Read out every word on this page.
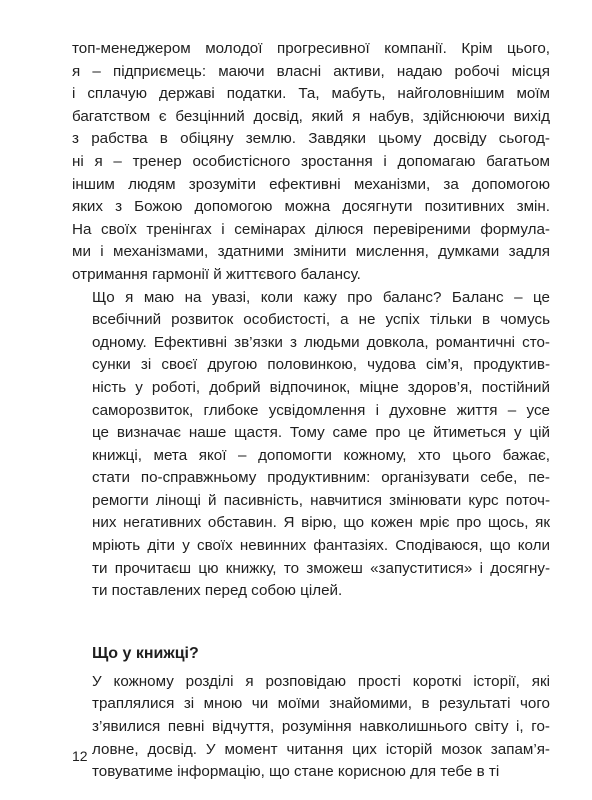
топ-менеджером молодої прогресивної компанії. Крім цього,
я – підприємець: маючи власні активи, надаю робочі місця
і сплачую державі податки. Та, мабуть, найголовнішим моїм
багатством є безцінний досвід, який я набув, здійснюючи вихід
з рабства в обіцяну землю. Завдяки цьому досвіду сьогод-
ні я – тренер особистісного зростання і допомагаю багатьом
іншим людям зрозуміти ефективні механізми, за допомогою
яких з Божою допомогою можна досягнути позитивних змін.
На своїх тренінгах і семінарах ділюся перевіреними формула-
ми і механізмами, здатними змінити мислення, думками задля
отримання гармонії й життєвого балансу.

Що я маю на увазі, коли кажу про баланс? Баланс – це
всебічний розвиток особистості, а не успіх тільки в чомусь
одному. Ефективні зв’язки з людьми довкола, романтичні сто-
сунки зі своєї другою половинкою, чудова сім’я, продуктив-
ність у роботі, добрий відпочинок, міцне здоров’я, постійний
саморозвиток, глибоке усвідомлення і духовне життя – усе
це визначає наше щастя. Тому саме про це йтиметься у цій
книжці, мета якої – допомогти кожному, хто цього бажає,
стати по-справжньому продуктивним: організувати себе, пе-
ремогти лінощі й пасивність, навчитися змінювати курс поточ-
них негативних обставин. Я вірю, що кожен мріє про щось, як
мріють діти у своїх невинних фантазіях. Сподіваюся, що коли
ти прочитаєш цю книжку, то зможеш «запуститися» і досягну-
ти поставлених перед собою цілей.

Що у книжці?

У кожному розділі я розповідаю прості короткі історії, які
траплялися зі мною чи моїми знайомими, в результаті чого
з’явилися певні відчуття, розуміння навколишнього світу і, го-
ловне, досвід. У момент читання цих історій мозок запам’я-
товуватиме інформацію, що стане корисною для тебе в ті

12
